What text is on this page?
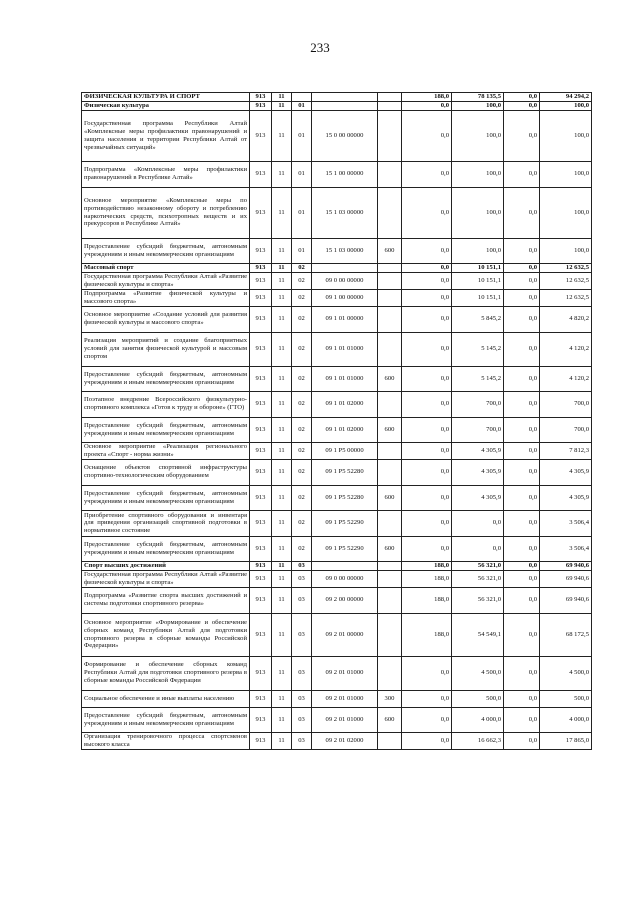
233
ФИЗИЧЕСКАЯ КУЛЬТУРА И СПОРТ	913	11				188,0	78 135,5	0,0	94 294,2
Физическая культура	913	11	01			0,0	100,0	0,0	100,0
Государственная программа Республики Алтай «Комплексные меры профилактики правонарушений и защита населения и территории Республики Алтай от чрезвычайных ситуаций»	913	11	01	15 0 00 00000		0,0	100,0	0,0	100,0
Подпрограмма «Комплексные меры профилактики правонарушений в Республике Алтай»	913	11	01	15 1 00 00000		0,0	100,0	0,0	100,0
Основное мероприятие «Комплексные меры по противодействию незаконному обороту и потреблению наркотических средств, психотропных веществ и их прекурсоров в Республике Алтай»	913	11	01	15 1 03 00000		0,0	100,0	0,0	100,0
Предоставление субсидий бюджетным, автономным учреждениям и иным некоммерческим организациям	913	11	01	15 1 03 00000	600	0,0	100,0	0,0	100,0
Массовый спорт	913	11	02			0,0	10 151,1	0,0	12 632,5
Государственная программа Республики Алтай «Развитие физической культуры и спорта»	913	11	02	09 0 00 00000		0,0	10 151,1	0,0	12 632,5
Подпрограмма «Развитие физической культуры и массового спорта»	913	11	02	09 1 00 00000		0,0	10 151,1	0,0	12 632,5
Основное мероприятие «Создание условий для развития физической культуры и массового спорта»	913	11	02	09 1 01 00000		0,0	5 845,2	0,0	4 820,2
Реализация мероприятий и создание благоприятных условий для занятия физической культурой и массовым спортом	913	11	02	09 1 01 01000		0,0	5 145,2	0,0	4 120,2
Предоставление субсидий бюджетным, автономным учреждениям и иным некоммерческим организациям	913	11	02	09 1 01 01000	600	0,0	5 145,2	0,0	4 120,2
Поэтапное внедрение Всероссийского физкультурно-спортивного комплекса «Готов к труду и обороне» (ГТО)	913	11	02	09 1 01 02000		0,0	700,0	0,0	700,0
Предоставление субсидий бюджетным, автономным учреждениям и иным некоммерческим организациям	913	11	02	09 1 01 02000	600	0,0	700,0	0,0	700,0
Основное мероприятие «Реализация регионального проекта «Спорт - норма жизни»	913	11	02	09 1 P5 00000		0,0	4 305,9	0,0	7 812,3
Оснащение объектов спортивной инфраструктуры спортивно-технологическим оборудованием	913	11	02	09 1 P5 52280		0,0	4 305,9	0,0	4 305,9
Предоставление субсидий бюджетным, автономным учреждениям и иным некоммерческим организациям	913	11	02	09 1 P5 52280	600	0,0	4 305,9	0,0	4 305,9
Приобретение спортивного оборудования и инвентаря для приведения организаций спортивной подготовки в нормативное состояние	913	11	02	09 1 P5 52290		0,0	0,0	0,0	3 506,4
Предоставление субсидий бюджетным, автономным учреждениям и иным некоммерческим организациям	913	11	02	09 1 P5 52290	600	0,0	0,0	0,0	3 506,4
Спорт высших достижений	913	11	03			188,0	56 321,0	0,0	69 940,6
Государственная программа Республики Алтай «Развитие физической культуры и спорта»	913	11	03	09 0 00 00000		188,0	56 321,0	0,0	69 940,6
Подпрограмма «Развитие спорта высших достижений и системы подготовки спортивного резерва»	913	11	03	09 2 00 00000		188,0	56 321,0	0,0	69 940,6
Основное мероприятие «Формирование и обеспечение сборных команд Республики Алтай для подготовки спортивного резерва в сборные команды Российской Федерации»	913	11	03	09 2 01 00000		188,0	54 549,1	0,0	68 172,5
Формирование и обеспечение сборных команд Республики Алтай для подготовки спортивного резерва в сборные команды Российской Федерации	913	11	03	09 2 01 01000		0,0	4 500,0	0,0	4 500,0
Социальное обеспечение и иные выплаты населению	913	11	03	09 2 01 01000	300	0,0	500,0	0,0	500,0
Предоставление субсидий бюджетным, автономным учреждениям и иным некоммерческим организациям	913	11	03	09 2 01 01000	600	0,0	4 000,0	0,0	4 000,0
Организация тренировочного процесса спортсменов высокого класса	913	11	03	09 2 01 02000		0,0	16 662,3	0,0	17 865,0
